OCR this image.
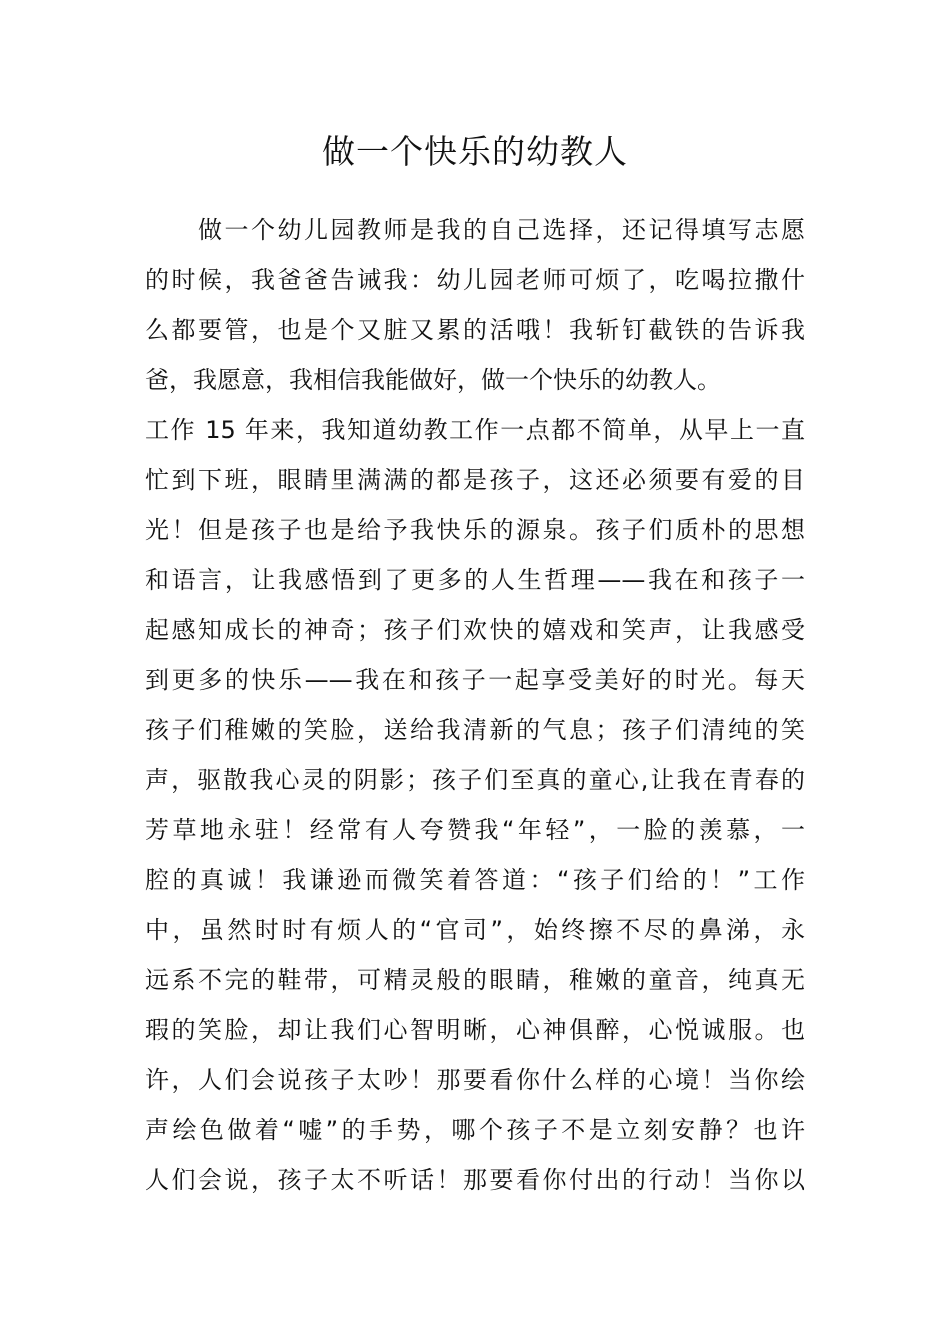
做一个快乐的幼教人
　　做一个幼儿园教师是我的自己选择，还记得填写志愿
的时候，我爸爸告诫我：幼儿园老师可烦了，吃喝拉撒什
么都要管，也是个又脏又累的活哦！我斩钉截铁的告诉我
爸，我愿意，我相信我能做好，做一个快乐的幼教人。
工作 15 年来，我知道幼教工作一点都不简单，从早上一直
忙到下班，眼睛里满满的都是孩子，这还必须要有爱的目
光！但是孩子也是给予我快乐的源泉。孩子们质朴的思想
和语言，让我感悟到了更多的人生哲理——我在和孩子一
起感知成长的神奇；孩子们欢快的嬉戏和笑声，让我感受
到更多的快乐——我在和孩子一起享受美好的时光。每天
孩子们稚嫩的笑脸，送给我清新的气息；孩子们清纯的笑
声，驱散我心灵的阴影；孩子们至真的童心,让我在青春的
芳草地永驻！经常有人夸赞我“年轻”，一脸的羡慕，一
腔的真诚！我谦逊而微笑着答道：“孩子们给的！”工作
中，虽然时时有烦人的“官司”，始终擦不尽的鼻涕，永
远系不完的鞋带，可精灵般的眼睛，稚嫩的童音，纯真无
瑕的笑脸，却让我们心智明晰，心神俱醉，心悦诚服。也
许，人们会说孩子太吵！那要看你什么样的心境！当你绘
声绘色做着“嘘”的手势，哪个孩子不是立刻安静？也许
人们会说，孩子太不听话！那要看你付出的行动！当你以
